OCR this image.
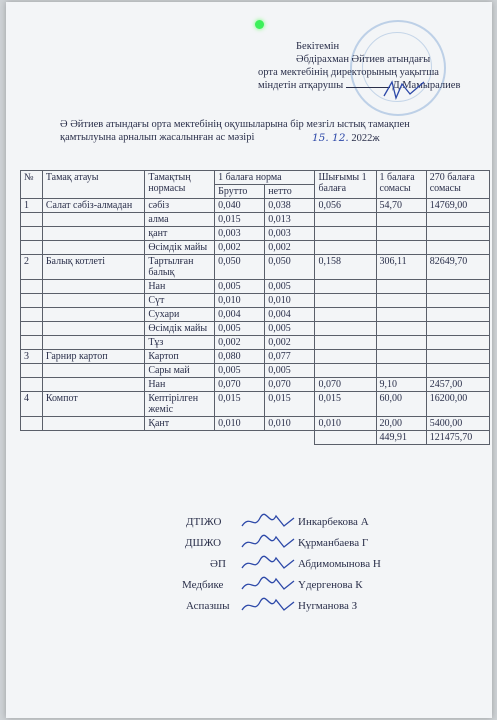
Бекітемін
Әбдірахман Әйтиев атындағы
орта мектебінің директорының уақытша
міндетін атқарушы	Д.Мамыралиев
Ә Әйтиев атындағы орта мектебінің оқушыларына бір мезгіл ыстық тамақпен
қамтылуына арналып жасалынған ас мәзірі	15. 12. 2022ж
№	Тамақ атауы	Тамақтың нормасы	1 балаға норма		Шығымы 1 балаға	1 балаға сомасы	270 балаға сомасы
			Брутто	нетто			
1	Салат сәбіз-алмадан	сәбіз	0,040	0,038	0,056	54,70	14769,00
		алма	0,015	0,013			
		қант	0,003	0,003			
		Өсімдік майы	0,002	0,002			
2	Балық котлеті	Тартылған балық	0,050	0,050	0,158	306,11	82649,70
		Нан	0,005	0,005			
		Сүт	0,010	0,010			
		Сухари	0,004	0,004			
		Өсімдік майы	0,005	0,005			
		Тұз	0,002	0,002			
3	Гарнир картоп	Картоп	0,080	0,077			
		Сары май	0,005	0,005			
		Нан	0,070	0,070	0,070	9,10	2457,00
4	Компот	Кептірілген жеміс	0,015	0,015	0,015	60,00	16200,00
		Қант	0,010	0,010	0,010	20,00	5400,00
						449,91	121475,70
ДТІЖО	Инкарбекова А
ДШЖО	Құрманбаева Г
ӘП	Абдимомынова Н
Медбике	Үдергенова К
Аспазшы	Нугманова З
